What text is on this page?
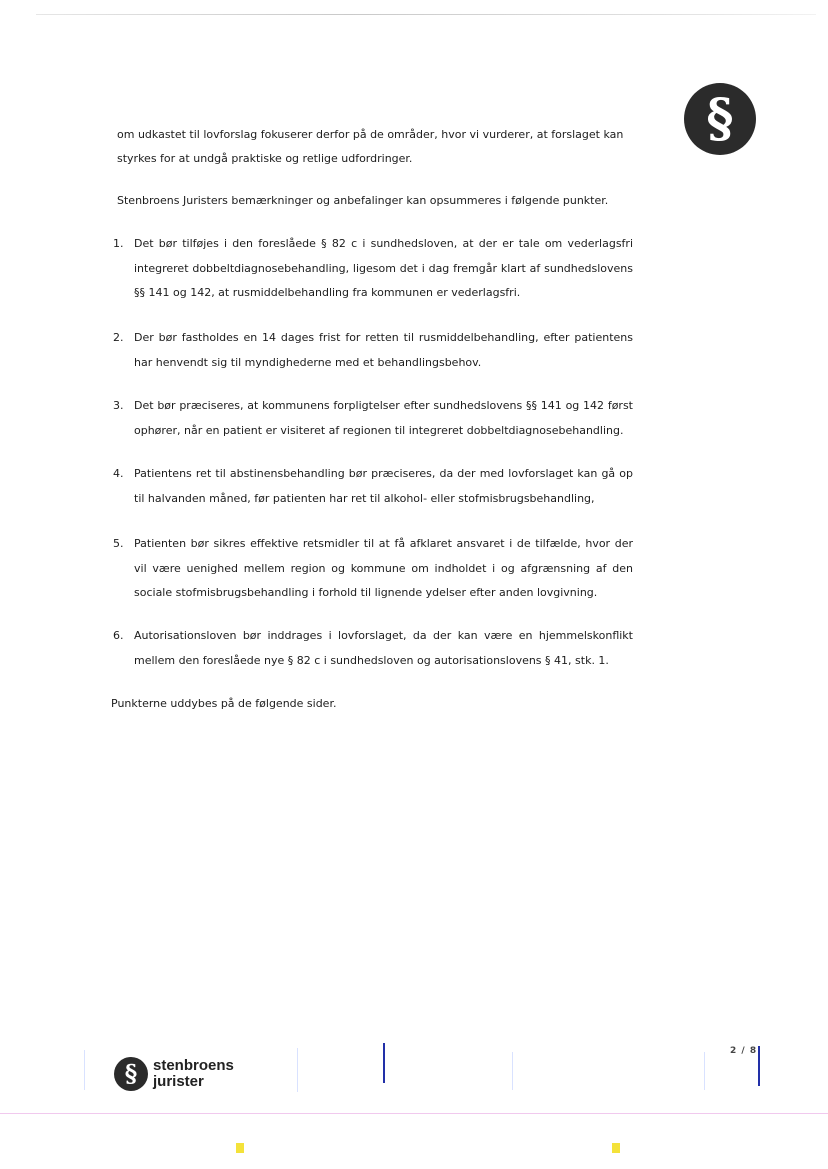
§

om udkastet til lovforslag fokuserer derfor på de områder, hvor vi vurderer, at forslaget kan
styrkes for at undgå praktiske og retlige udfordringer.

Stenbroens Juristers bemærkninger og anbefalinger kan opsummeres i følgende punkter.

1. Det bør tilføjes i den foreslåede § 82 c i sundhedsloven, at der er tale om vederlagsfri integreret dobbeltdiagnosebehandling, ligesom det i dag fremgår klart af sundhedslovens §§ 141 og 142, at rusmiddelbehandling fra kommunen er vederlagsfri.
2. Der bør fastholdes en 14 dages frist for retten til rusmiddelbehandling, efter patientens har henvendt sig til myndighederne med et behandlingsbehov.
3. Det bør præciseres, at kommunens forpligtelser efter sundhedslovens §§ 141 og 142 først ophører, når en patient er visiteret af regionen til integreret dobbeltdiagnosebehandling.
4. Patientens ret til abstinensbehandling bør præciseres, da der med lovforslaget kan gå op til halvanden måned, før patienten har ret til alkohol- eller stofmisbrugsbehandling,
5. Patienten bør sikres effektive retsmidler til at få afklaret ansvaret i de tilfælde, hvor der vil være uenighed mellem region og kommune om indholdet i og afgrænsning af den sociale stofmisbrugsbehandling i forhold til lignende ydelser efter anden lovgivning.
6. Autorisationsloven bør inddrages i lovforslaget, da der kan være en hjemmelskonflikt mellem den foreslåede nye § 82 c i sundhedsloven og autorisationslovens § 41, stk. 1.

Punkterne uddybes på de følgende sider.

§	stenbroens
jurister
2 / 8
